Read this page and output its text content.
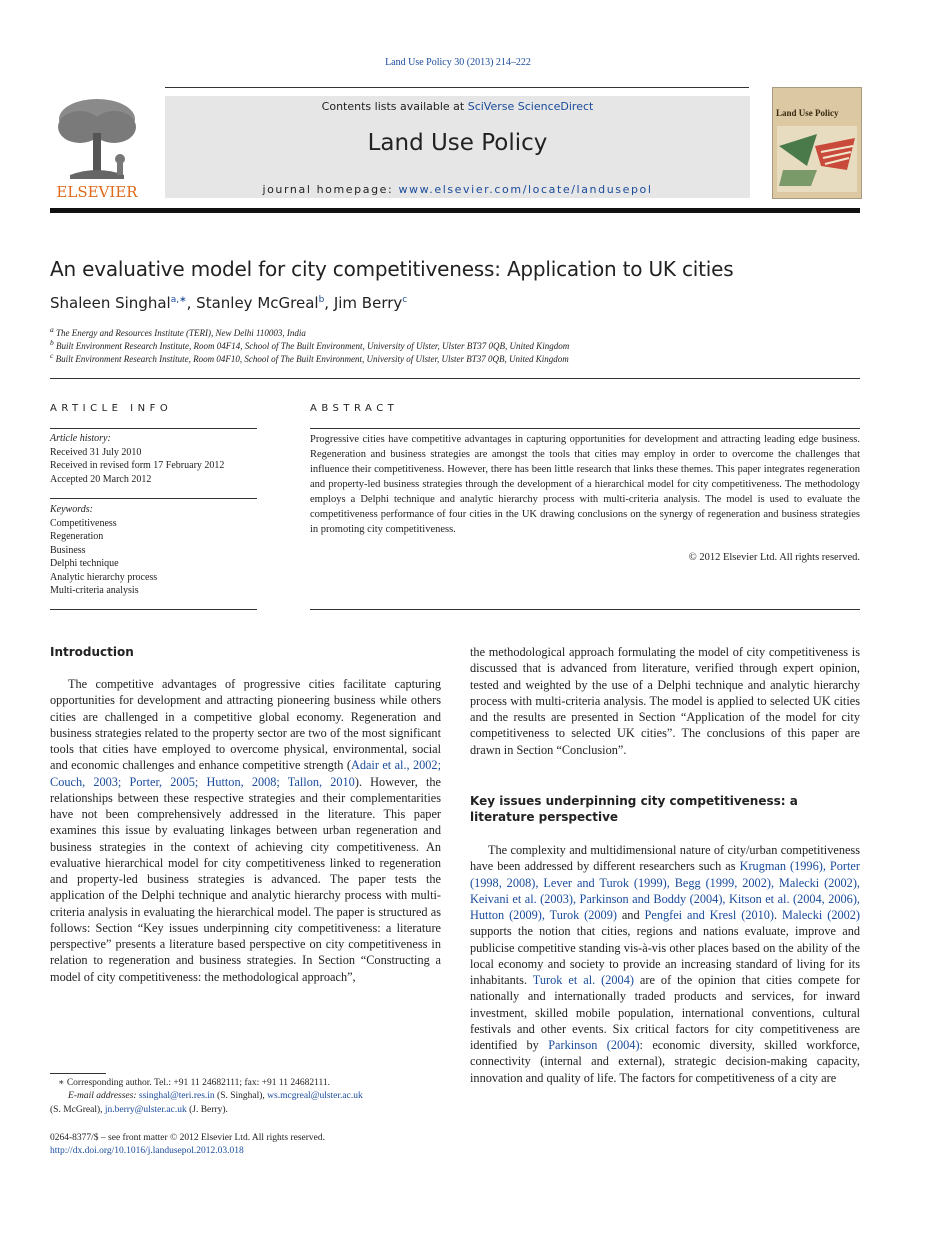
Land Use Policy 30 (2013) 214–222
ELSEVIER
Contents lists available at SciVerse ScienceDirect
Land Use Policy
journal homepage: www.elsevier.com/locate/landusepol
Land Use Policy
An evaluative model for city competitiveness: Application to UK cities
Shaleen Singhal$^{a,∗}$, Stanley McGreal$^b$, Jim Berry$^c$
$^a$ The Energy and Resources Institute (TERI), New Delhi 110003, India
$^b$ Built Environment Research Institute, Room 04F14, School of The Built Environment, University of Ulster, Ulster BT37 0QB, United Kingdom
$^c$ Built Environment Research Institute, Room 04F10, School of The Built Environment, University of Ulster, Ulster BT37 0QB, United Kingdom
ARTICLE INFO
Article history:
Received 31 July 2010
Received in revised form 17 February 2012
Accepted 20 March 2012
Keywords:
Competitiveness
Regeneration
Business
Delphi technique
Analytic hierarchy process
Multi-criteria analysis
ABSTRACT
Progressive cities have competitive advantages in capturing opportunities for development and attracting leading edge business. Regeneration and business strategies are amongst the tools that cities may employ in order to overcome the challenges that influence their competitiveness. However, there has been little research that links these themes. This paper integrates regeneration and property-led business strategies through the development of a hierarchical model for city competitiveness. The methodology employs a Delphi technique and analytic hierarchy process with multi-criteria analysis. The model is used to evaluate the competitiveness performance of four cities in the UK drawing conclusions on the synergy of regeneration and business strategies in promoting city competitiveness.
© 2012 Elsevier Ltd. All rights reserved.
Introduction

The competitive advantages of progressive cities facilitate capturing opportunities for development and attracting pioneering business while others cities are challenged in a competitive global economy. Regeneration and business strategies related to the property sector are two of the most significant tools that cities have employed to overcome physical, environmental, social and economic challenges and enhance competitive strength (Adair et al., 2002; Couch, 2003; Porter, 2005; Hutton, 2008; Tallon, 2010). However, the relationships between these respective strategies and their complementarities have not been comprehensively addressed in the literature. This paper examines this issue by evaluating linkages between urban regeneration and business strategies in the context of achieving city competitiveness. An evaluative hierarchical model for city competitiveness linked to regeneration and property-led business strategies is advanced. The paper tests the application of the Delphi technique and analytic hierarchy process with multi-criteria analysis in evaluating the hierarchical model. The paper is structured as follows: Section “Key issues underpinning city competitiveness: a literature perspective” presents a literature based perspective on city competitiveness in relation to regeneration and business strategies. In Section “Constructing a model of city competitiveness: the methodological approach”,

the methodological approach formulating the model of city competitiveness is discussed that is advanced from literature, verified through expert opinion, tested and weighted by the use of a Delphi technique and analytic hierarchy process with multi-criteria analysis. The model is applied to selected UK cities and the results are presented in Section “Application of the model for city competitiveness to selected UK cities”. The conclusions of this paper are drawn in Section “Conclusion”.

Key issues underpinning city competitiveness: a literature perspective

The complexity and multidimensional nature of city/urban competitiveness have been addressed by different researchers such as Krugman (1996), Porter (1998, 2008), Lever and Turok (1999), Begg (1999, 2002), Malecki (2002), Keivani et al. (2003), Parkinson and Boddy (2004), Kitson et al. (2004, 2006), Hutton (2009), Turok (2009) and Pengfei and Kresl (2010). Malecki (2002) supports the notion that cities, regions and nations evaluate, improve and publicise competitive standing vis-à-vis other places based on the ability of the local economy and society to provide an increasing standard of living for its inhabitants. Turok et al. (2004) are of the opinion that cities compete for nationally and internationally traded products and services, for inward investment, skilled mobile population, international conventions, cultural festivals and other events. Six critical factors for city competitiveness are identified by Parkinson (2004): economic diversity, skilled workforce, connectivity (internal and external), strategic decision-making capacity, innovation and quality of life. The factors for competitiveness of a city are

∗ Corresponding author. Tel.: +91 11 24682111; fax: +91 11 24682111.
E-mail addresses: ssinghal@teri.res.in (S. Singhal), ws.mcgreal@ulster.ac.uk
(S. McGreal), jn.berry@ulster.ac.uk (J. Berry).
0264-8377/$ – see front matter © 2012 Elsevier Ltd. All rights reserved.
http://dx.doi.org/10.1016/j.landusepol.2012.03.018
